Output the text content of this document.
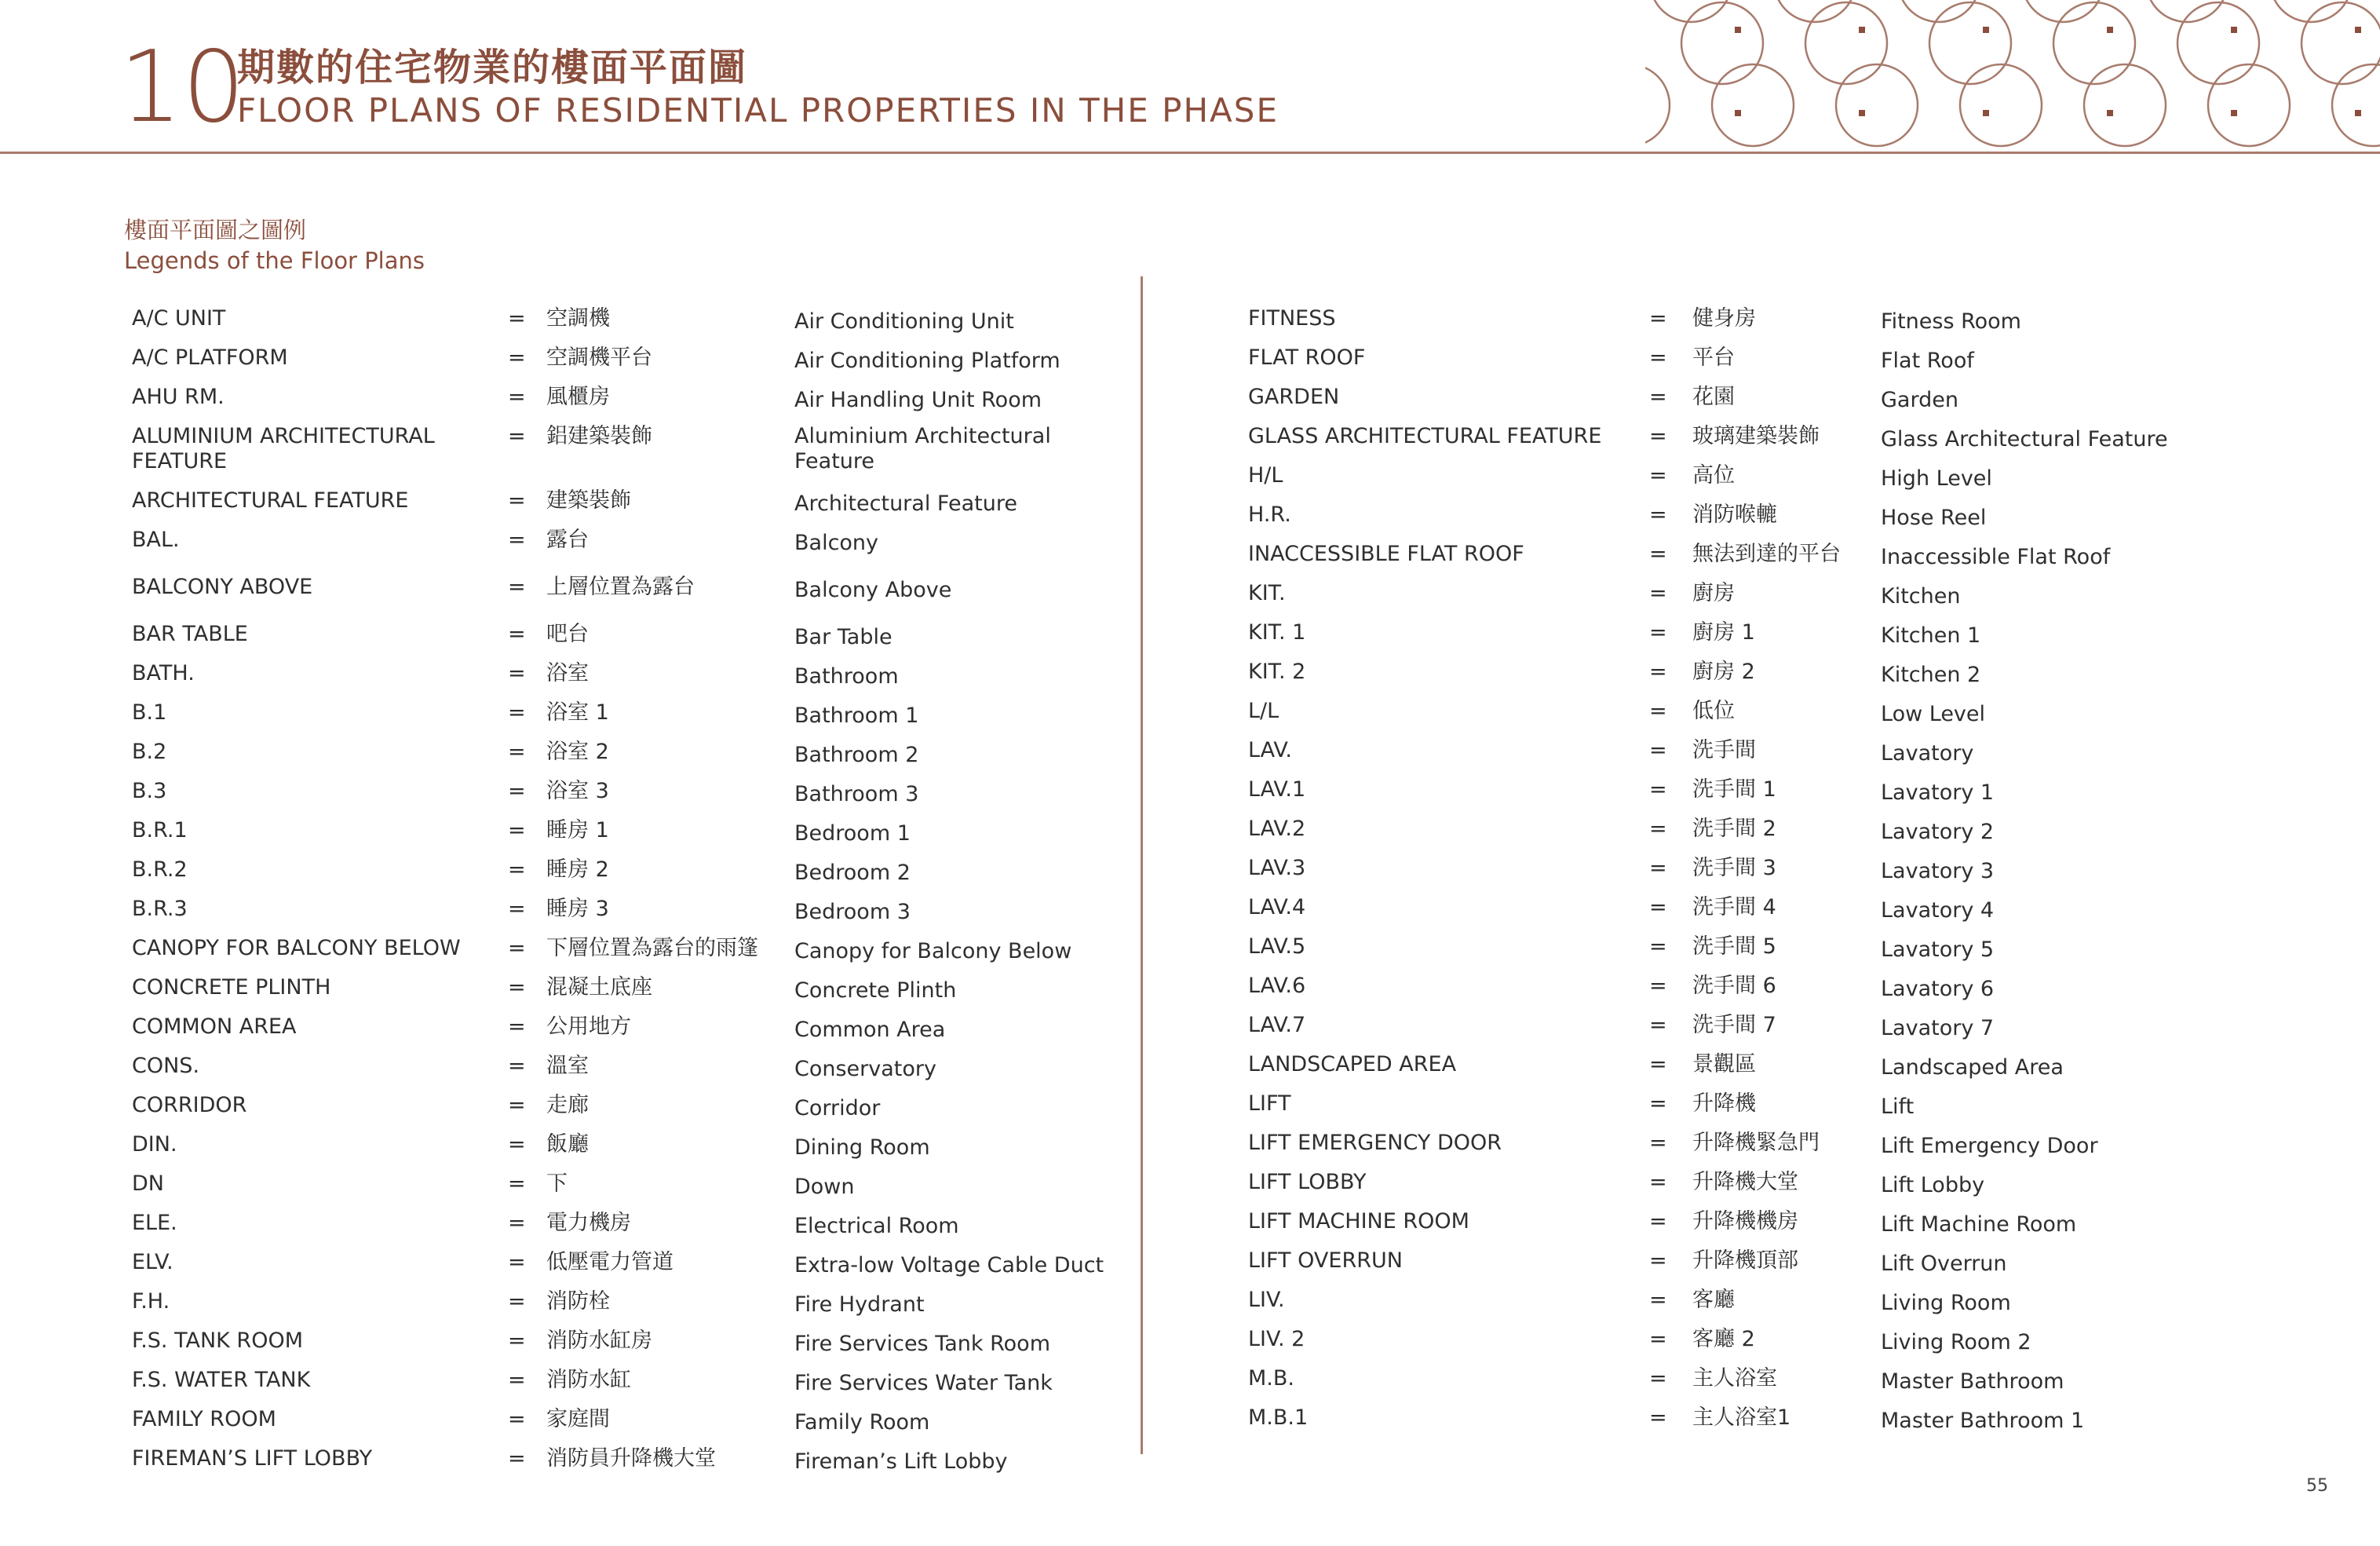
10
期數的住宅物業的樓面平面圖
FLOOR PLANS OF RESIDENTIAL PROPERTIES IN THE PHASE
樓面平面圖之圖例
Legends of the Floor Plans
A/C UNIT	= 空調機	Air Conditioning Unit
A/C PLATFORM	= 空調機平台	Air Conditioning Platform
AHU RM.	= 風櫃房	Air Handling Unit Room
ALUMINIUM ARCHITECTURAL FEATURE
= 鋁建築裝飾	Aluminium Architectural Feature
ARCHITECTURAL FEATURE	= 建築裝飾	Architectural Feature
BAL.	= 露台	Balcony
BALCONY ABOVE	= 上層位置為露台	Balcony Above
BAR TABLE	= 吧台	Bar Table
BATH.	= 浴室	Bathroom
B.1	= 浴室 1	Bathroom 1
B.2	= 浴室 2	Bathroom 2
B.3	= 浴室 3	Bathroom 3
B.R.1	= 睡房 1	Bedroom 1
B.R.2	= 睡房 2	Bedroom 2
B.R.3	= 睡房 3	Bedroom 3
CANOPY FOR BALCONY BELOW = 下層位置為露台的雨篷 Canopy for Balcony Below
CONCRETE PLINTH	= 混凝土底座	Concrete Plinth
COMMON AREA	= 公用地方	Common Area
CONS.	= 溫室	Conservatory
CORRIDOR	= 走廊	Corridor
DIN.	= 飯廳	Dining Room
DN	= 下	Down
ELE.	= 電力機房	Electrical Room
ELV.	= 低壓電力管道	Extra-low Voltage Cable Duct
F.H.	= 消防栓	Fire Hydrant
F.S. TANK ROOM	= 消防水缸房	Fire Services Tank Room
F.S. WATER TANK	= 消防水缸	Fire Services Water Tank
FAMILY ROOM	= 家庭間	Family Room
FIREMAN’S LIFT LOBBY	= 消防員升降機大堂	Fireman’s Lift Lobby
FITNESS	= 健身房	Fitness Room
FLAT ROOF	= 平台	Flat Roof
GARDEN	= 花園	Garden
GLASS ARCHITECTURAL FEATURE = 玻璃建築裝飾	Glass Architectural Feature
H/L	= 高位	High Level
H.R.	= 消防喉轆	Hose Reel
INACCESSIBLE FLAT ROOF	= 無法到達的平台 Inaccessible Flat Roof
KIT.	= 廚房	Kitchen
KIT. 1	= 廚房 1	Kitchen 1
KIT. 2	= 廚房 2	Kitchen 2
L/L	= 低位	Low Level
LAV.	= 洗手間	Lavatory
LAV.1	= 洗手間 1	Lavatory 1
LAV.2	= 洗手間 2	Lavatory 2
LAV.3	= 洗手間 3	Lavatory 3
LAV.4	= 洗手間 4	Lavatory 4
LAV.5	= 洗手間 5	Lavatory 5
LAV.6	= 洗手間 6	Lavatory 6
LAV.7	= 洗手間 7	Lavatory 7
LANDSCAPED AREA	= 景觀區	Landscaped Area
LIFT	= 升降機	Lift
LIFT EMERGENCY DOOR	= 升降機緊急門	Lift Emergency Door
LIFT LOBBY	= 升降機大堂	Lift Lobby
LIFT MACHINE ROOM	= 升降機機房	Lift Machine Room
LIFT OVERRUN	= 升降機頂部	Lift Overrun
LIV.	= 客廳	Living Room
LIV. 2	= 客廳 2	Living Room 2
M.B.	= 主人浴室	Master Bathroom
M.B.1	= 主人浴室1	Master Bathroom 1
55
